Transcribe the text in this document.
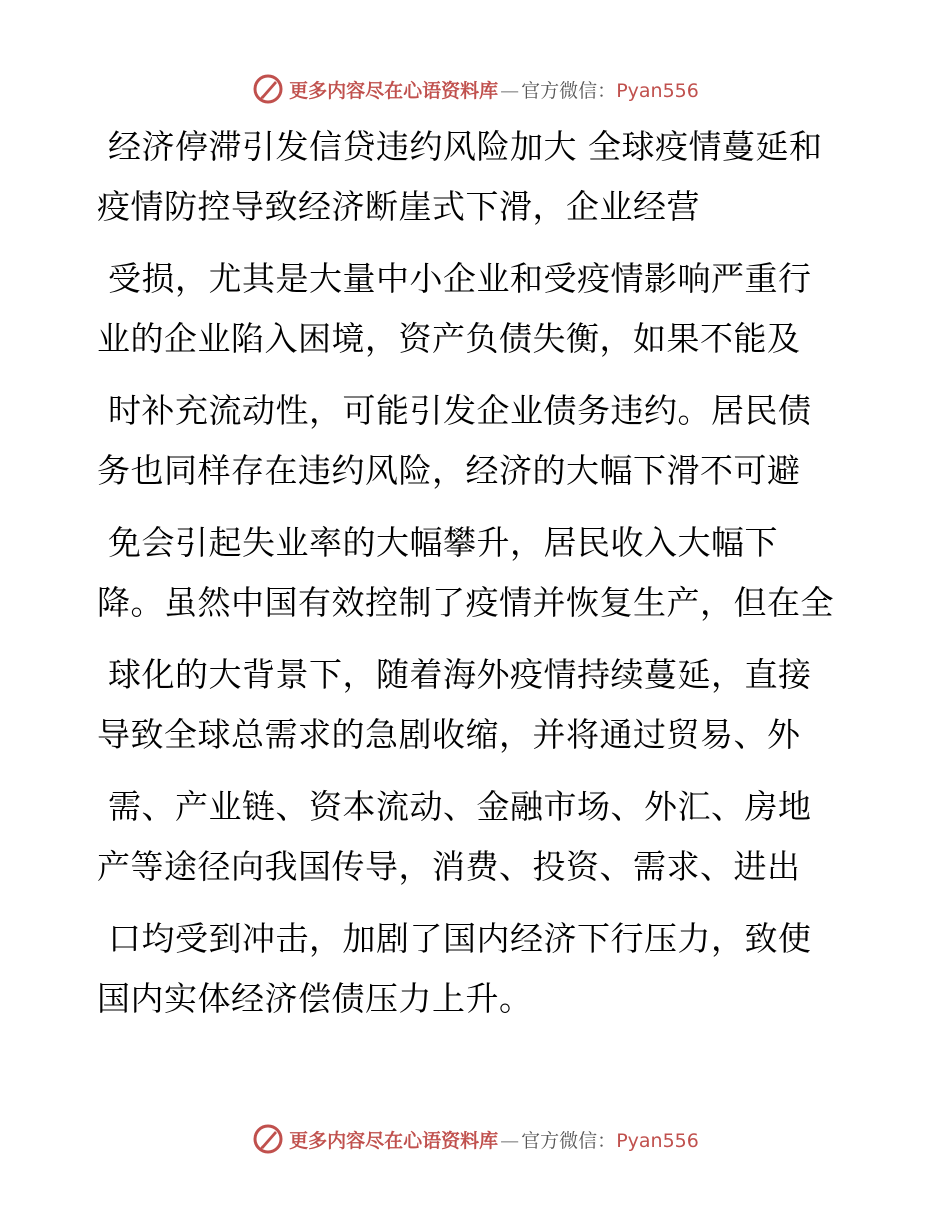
更多内容尽在心语资料库 — 官方微信：Pyan556
经济停滞引发信贷违约风险加大 全球疫情蔓延和
疫情防控导致经济断崖式下滑，企业经营
受损，尤其是大量中小企业和受疫情影响严重行
业的企业陷入困境，资产负债失衡，如果不能及
时补充流动性，可能引发企业债务违约。居民债
务也同样存在违约风险，经济的大幅下滑不可避
免会引起失业率的大幅攀升，居民收入大幅下
降。虽然中国有效控制了疫情并恢复生产，但在全
球化的大背景下，随着海外疫情持续蔓延，直接
导致全球总需求的急剧收缩，并将通过贸易、外
需、产业链、资本流动、金融市场、外汇、房地
产等途径向我国传导，消费、投资、需求、进出
口均受到冲击，加剧了国内经济下行压力，致使
国内实体经济偿债压力上升。
更多内容尽在心语资料库 — 官方微信：Pyan556
